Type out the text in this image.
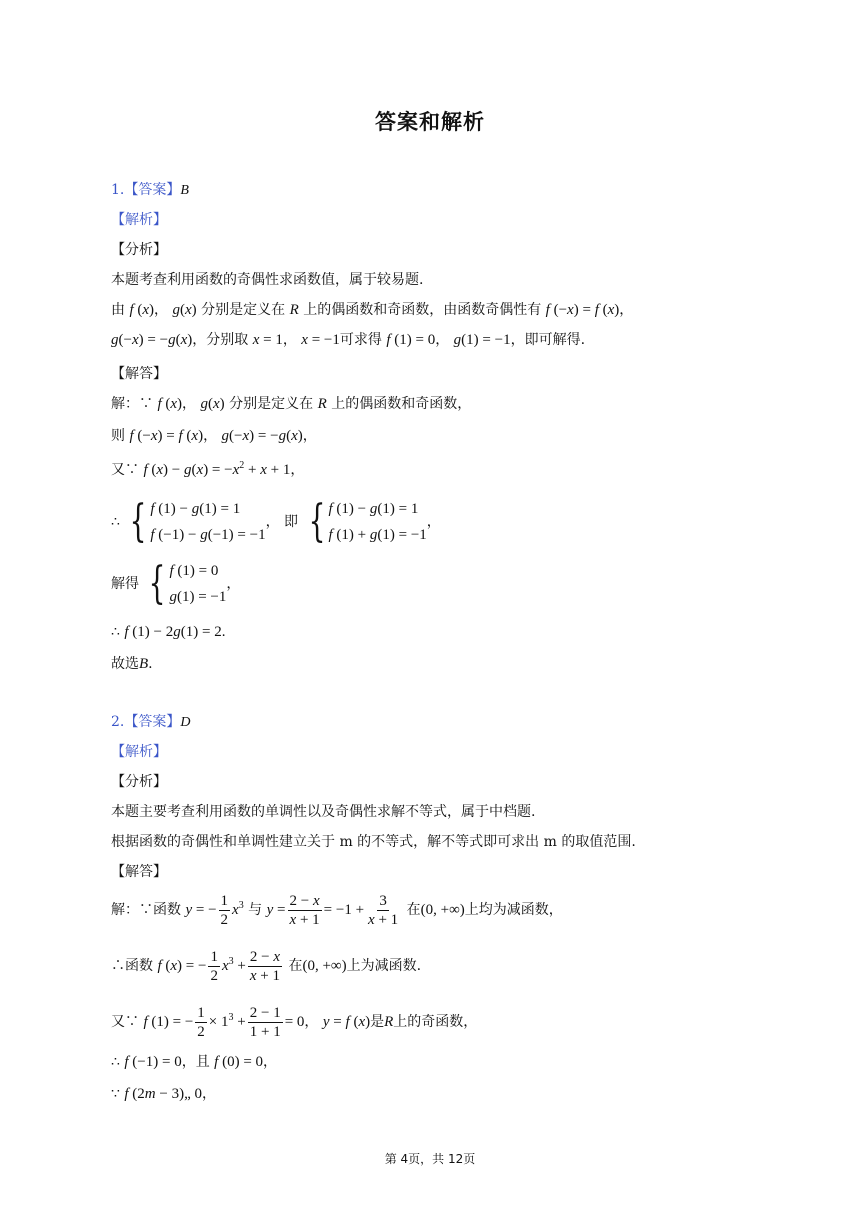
答案和解析
1.【答案】B
【解析】
【分析】
本题考查利用函数的奇偶性求函数值，属于较易题.
由 f (x)， g(x) 分别是定义在 R 上的偶函数和奇函数，由函数奇偶性有 f (−x) = f (x)，
g(−x) = −g(x)，分别取 x = 1， x = −1可求得 f (1) = 0， g(1) = −1，即可解得.
【解答】
解：∵ f (x)， g(x) 分别是定义在 R 上的偶函数和奇函数，
则 f (−x) = f (x)， g(−x) = −g(x)，
又∵ f $(x) - g(x) = -x^2 + x + 1$，
∴ { f (1) − g(1) = 1
f (−1) − g(−1) = −1
， 即 { f (1) − g(1) = 1
f (1) + g(1) = −1
，
解得 { f (1) = 0
g(1) = −1
，
∴ f (1) − 2g(1) = 2.
故选B.
2.【答案】D
【解析】
【分析】
本题主要考查利用函数的单调性以及奇偶性求解不等式，属于中档题.
根据函数的奇偶性和单调性建立关于 m 的不等式，解不等式即可求出 m 的取值范围.
【解答】
解：∵函数 y = − $\frac{1}{2} x^3$ 与 $y = \frac{2 - x}{x + 1} = -1 + \frac{3}{x + 1}$ 在(0, +∞)上均为减函数，
∴函数 f (x) = − $\frac{1}{2} x^3 + \frac{2 - x}{x + 1}$ 在(0, +∞)上为减函数.
又∵ f (1) = − $\frac{1}{2} \times 1^3 + \frac{2 - 1}{1 + 1} = 0$， y = f (x)是R上的奇函数，
∴ f (−1) = 0，且 f (0) = 0，
∵ f (2m − 3)„ 0，
第 4页，共 12页
